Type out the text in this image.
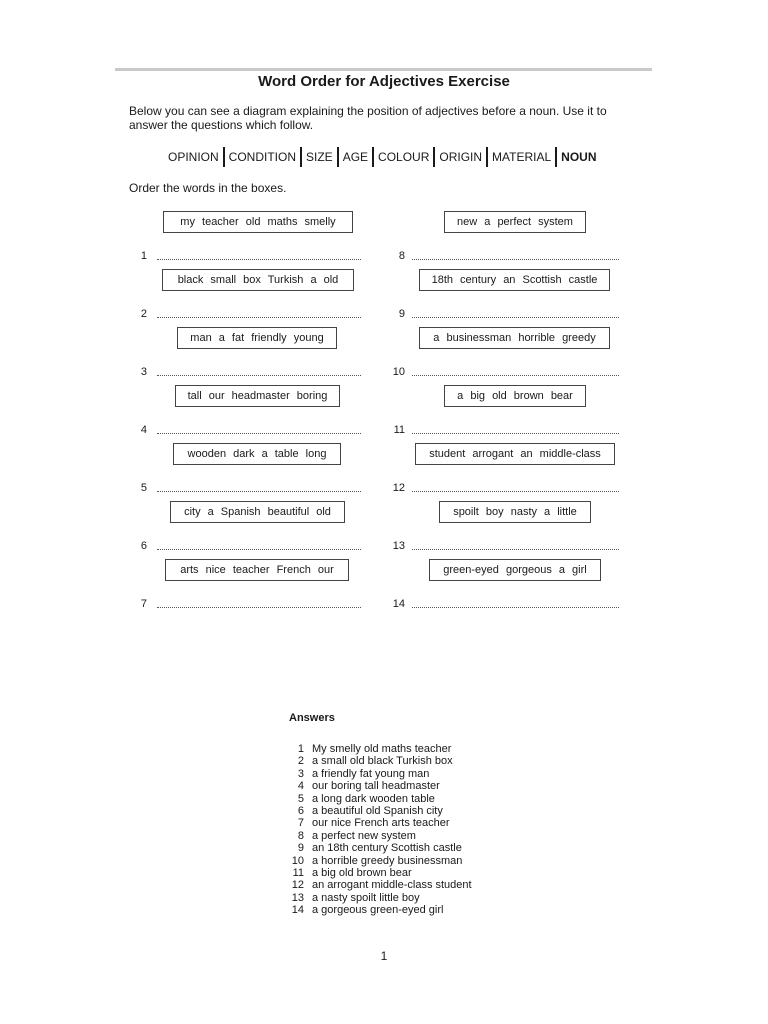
Word Order for Adjectives Exercise
Below you can see a diagram explaining the position of adjectives before a noun. Use it to answer the questions which follow.
OPINION CONDITION SIZE AGE COLOUR ORIGIN MATERIAL NOUN
Order the words in the boxes.
my teacher old maths smelly
black small box Turkish a old
man a fat friendly young
tall our headmaster boring
wooden dark a table long
city a Spanish beautiful old
arts nice teacher French our
new a perfect system
18th century an Scottish castle
a businessman horrible greedy
a big old brown bear
student arrogant an middle-class
spoilt boy nasty a little
green-eyed gorgeous a girl
1
2
3
4
5
6
7
8
9
10
11
12
13
14
Answers
1 My smelly old maths teacher
2 a small old black Turkish box
3 a friendly fat young man
4 our boring tall headmaster
5 a long dark wooden table
6 a beautiful old Spanish city
7 our nice French arts teacher
8 a perfect new system
9 an 18th century Scottish castle
10 a horrible greedy businessman
11 a big old brown bear
12 an arrogant middle-class student
13 a nasty spoilt little boy
14 a gorgeous green-eyed girl
1
